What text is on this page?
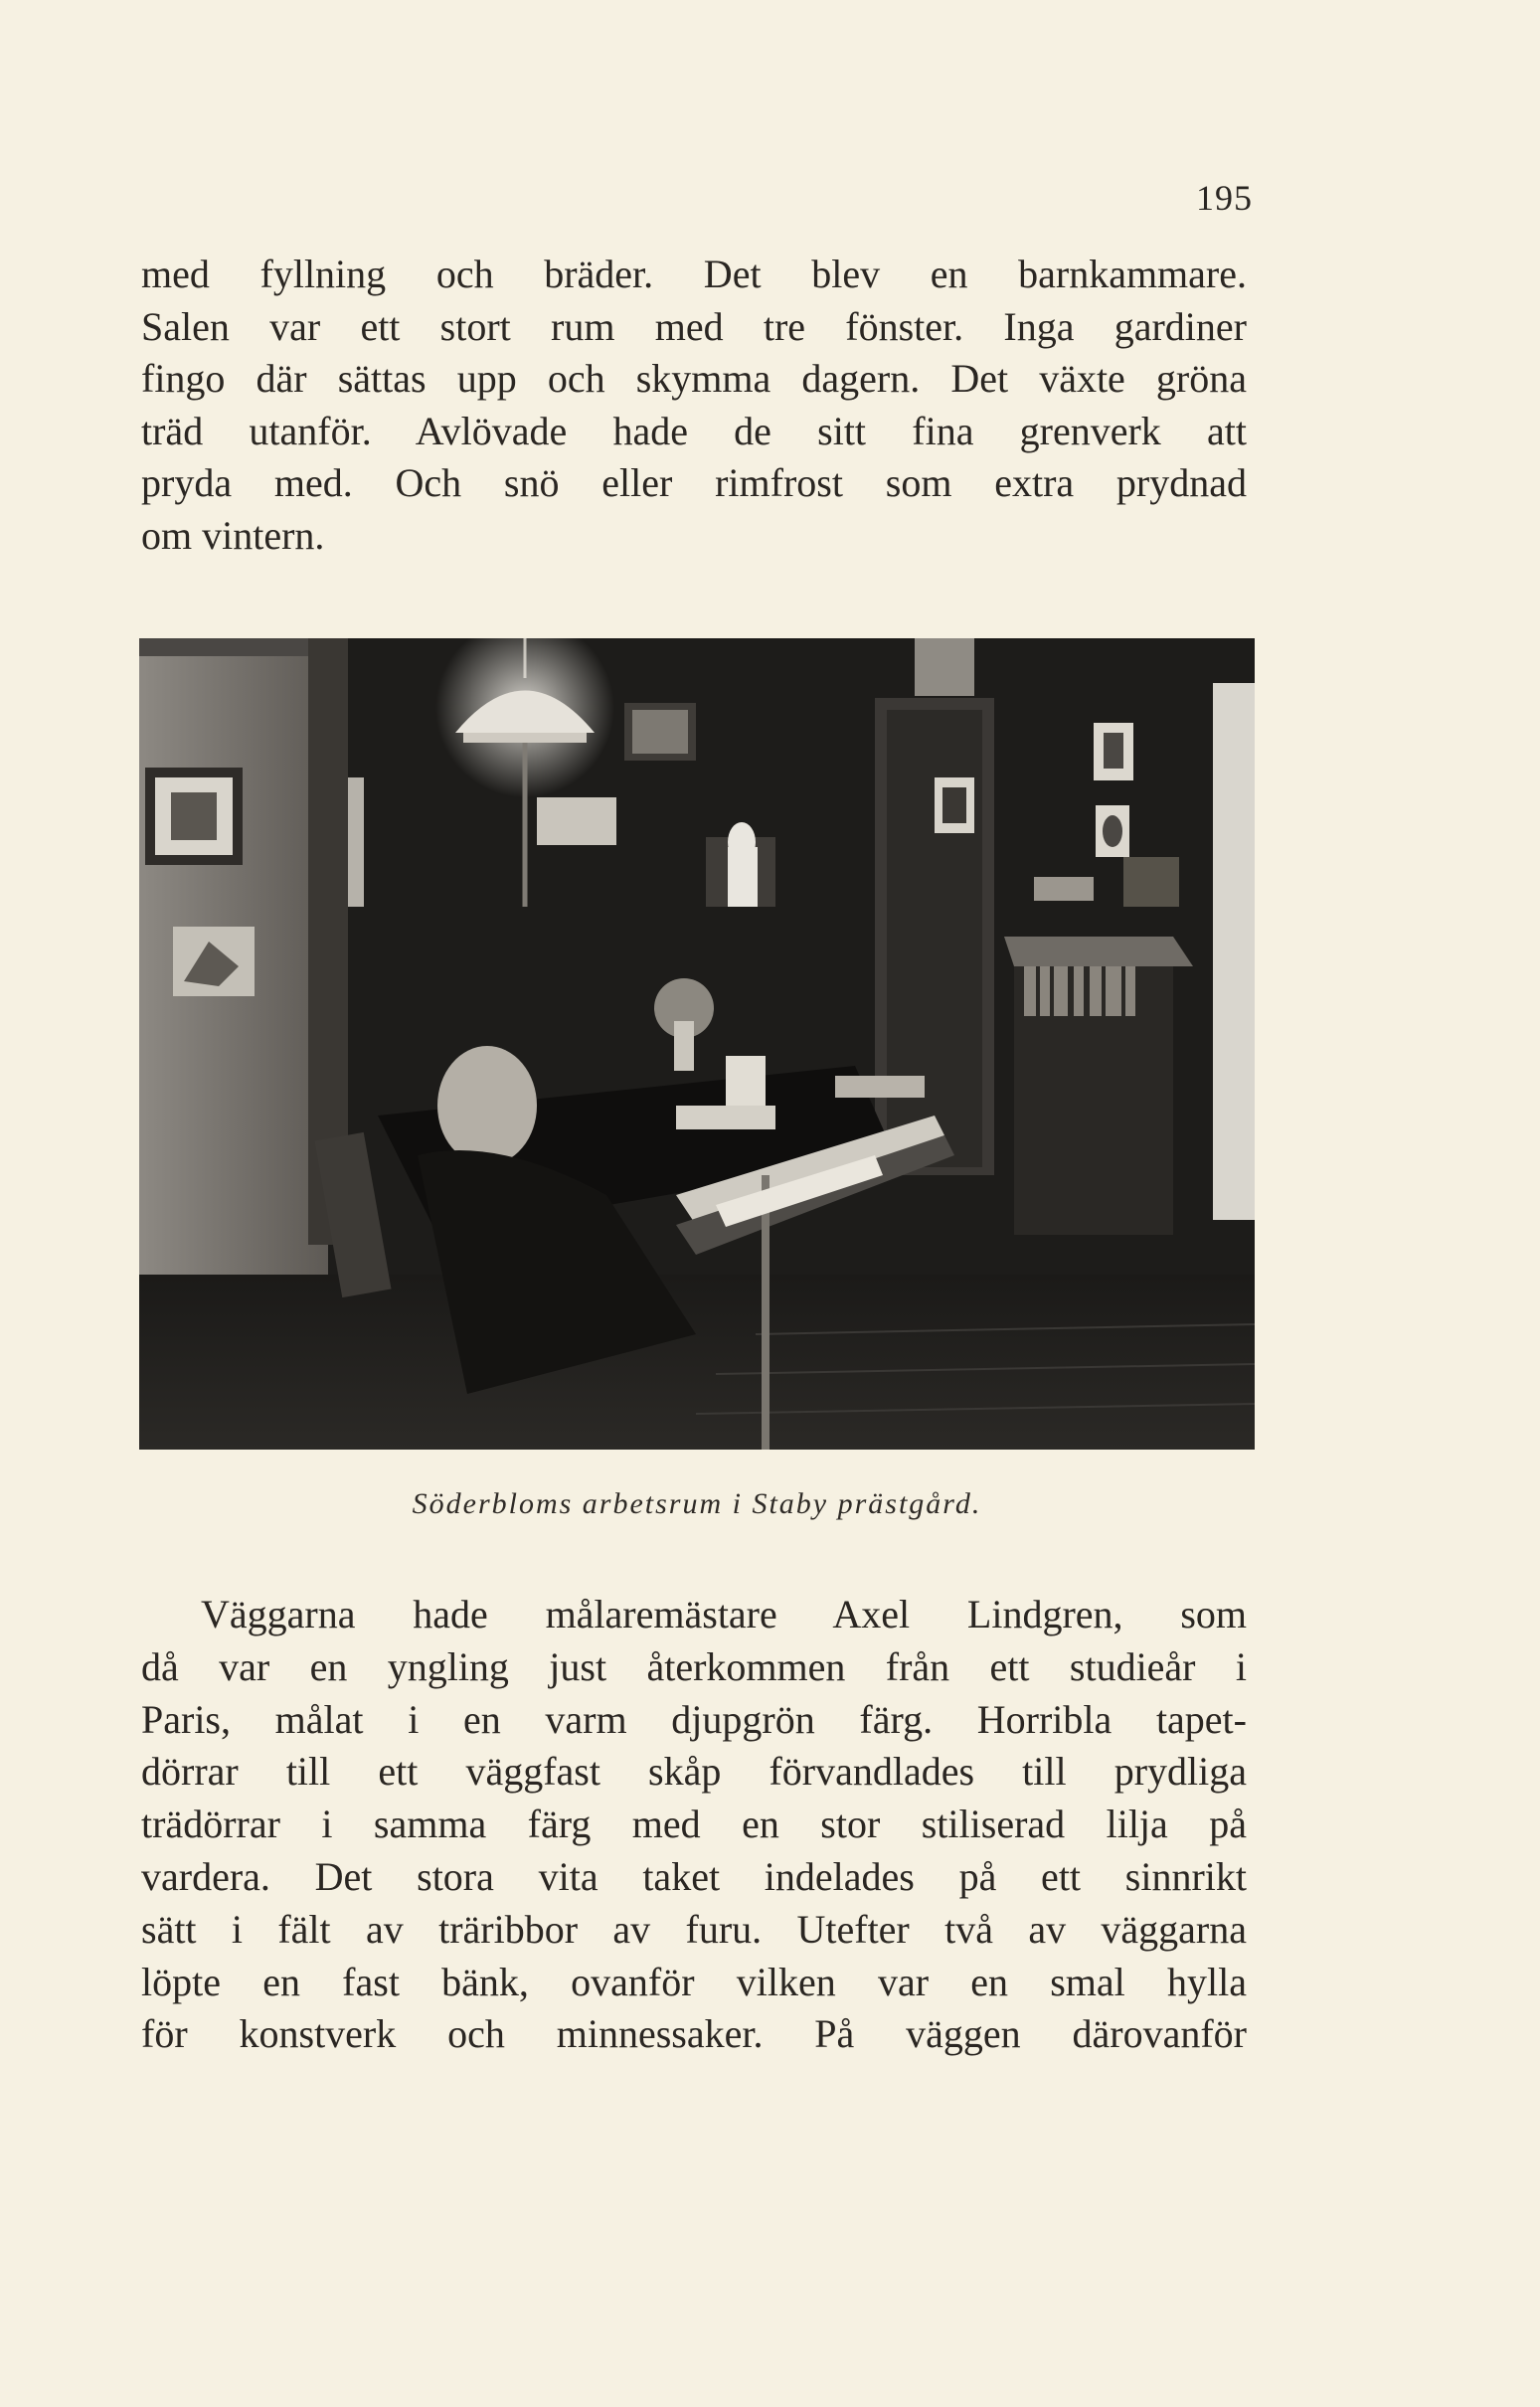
195
med fyllning och bräder. Det blev en barnkammare.
Salen var ett stort rum med tre fönster. Inga gardiner
fingo där sättas upp och skymma dagern. Det växte gröna
träd utanför. Avlövade hade de sitt fina grenverk att
pryda med. Och snö eller rimfrost som extra prydnad
om vintern.
Söderbloms arbetsrum i Staby prästgård.
Väggarna hade målaremästare Axel Lindgren, som
då var en yngling just återkommen från ett studieår i
Paris, målat i en varm djupgrön färg. Horribla tapet-
dörrar till ett väggfast skåp förvandlades till prydliga
trädörrar i samma färg med en stor stiliserad lilja på
vardera. Det stora vita taket indelades på ett sinnrikt
sätt i fält av träribbor av furu. Utefter två av väggarna
löpte en fast bänk, ovanför vilken var en smal hylla
för konstverk och minnessaker. På väggen därovanför
